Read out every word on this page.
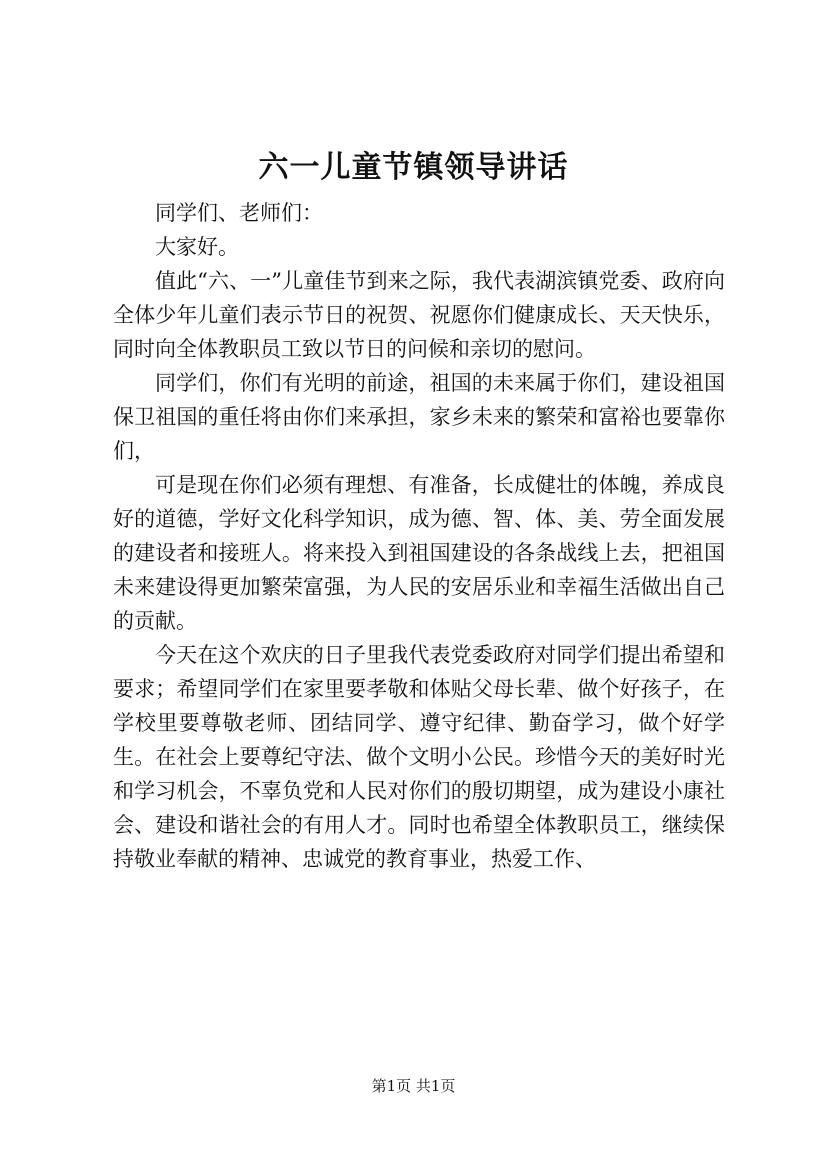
六一儿童节镇领导讲话

同学们、老师们：

大家好。

值此“六、一”儿童佳节到来之际，我代表湖滨镇党委、政府向全体少年儿童们表示节日的祝贺、祝愿你们健康成长、天天快乐，同时向全体教职员工致以节日的问候和亲切的慰问。

同学们，你们有光明的前途，祖国的未来属于你们，建设祖国保卫祖国的重任将由你们来承担，家乡未来的繁荣和富裕也要靠你们，

可是现在你们必须有理想、有准备，长成健壮的体魄，养成良好的道德，学好文化科学知识，成为德、智、体、美、劳全面发展的建设者和接班人。将来投入到祖国建设的各条战线上去，把祖国未来建设得更加繁荣富强，为人民的安居乐业和幸福生活做出自己的贡献。

今天在这个欢庆的日子里我代表党委政府对同学们提出希望和要求；希望同学们在家里要孝敬和体贴父母长辈、做个好孩子，在学校里要尊敬老师、团结同学、遵守纪律、勤奋学习，做个好学生。在社会上要尊纪守法、做个文明小公民。珍惜今天的美好时光和学习机会，不辜负党和人民对你们的殷切期望，成为建设小康社会、建设和谐社会的有用人才。同时也希望全体教职员工，继续保持敬业奉献的精神、忠诚党的教育事业，热爱工作、

第1页 共1页
